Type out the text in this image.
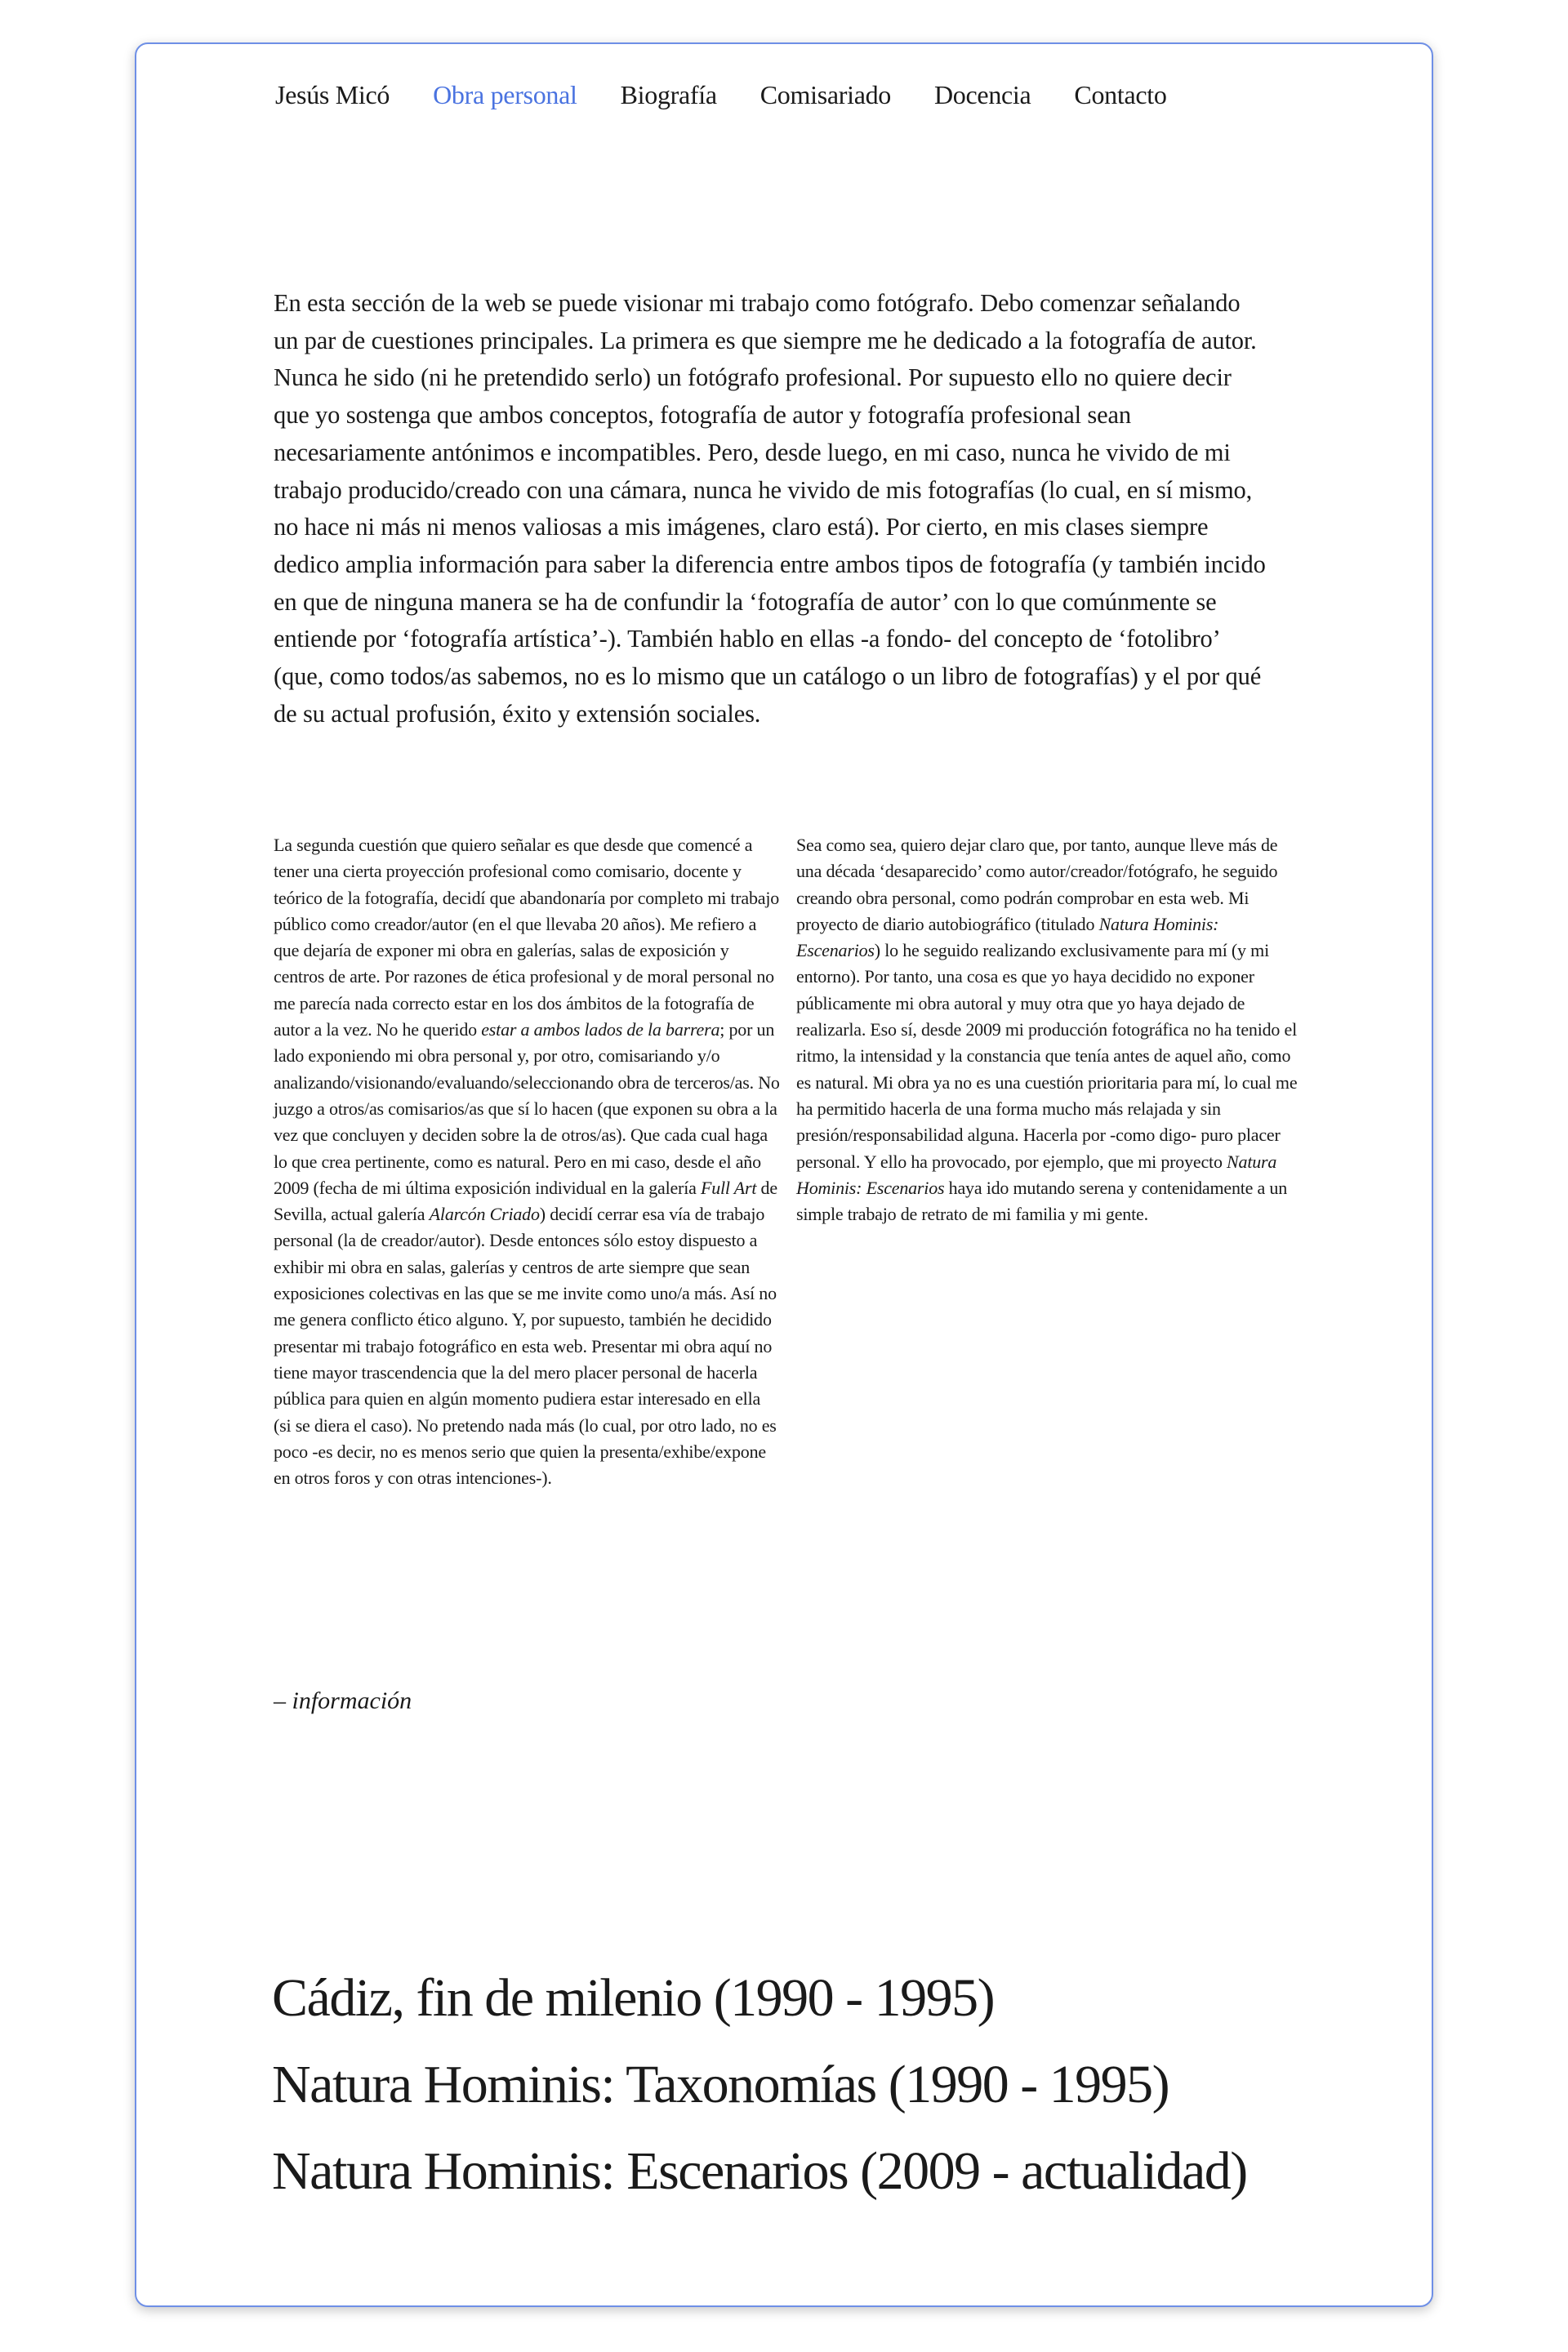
Jesús Micó Obra personal Biografía Comisariado Docencia Contacto

En esta sección de la web se puede visionar mi trabajo como fotógrafo. Debo comenzar señalando un par de cuestiones principales. La primera es que siempre me he dedicado a la fotografía de autor. Nunca he sido (ni he pretendido serlo) un fotógrafo profesional. Por supuesto ello no quiere decir que yo sostenga que ambos conceptos, fotografía de autor y fotografía profesional sean necesariamente antónimos e incompatibles. Pero, desde luego, en mi caso, nunca he vivido de mi trabajo producido/creado con una cámara, nunca he vivido de mis fotografías (lo cual, en sí mismo, no hace ni más ni menos valiosas a mis imágenes, claro está). Por cierto, en mis clases siempre dedico amplia información para saber la diferencia entre ambos tipos de fotografía (y también incido en que de ninguna manera se ha de confundir la ‘fotografía de autor’ con lo que comúnmente se entiende por ‘fotografía artística’-). También hablo en ellas -a fondo- del concepto de ‘fotolibro’ (que, como todos/as sabemos, no es lo mismo que un catálogo o un libro de fotografías) y el por qué de su actual profusión, éxito y extensión sociales.

La segunda cuestión que quiero señalar es que desde que comencé a tener una cierta proyección profesional como comisario, docente y teórico de la fotografía, decidí que abandonaría por completo mi trabajo público como creador/autor (en el que llevaba 20 años). Me refiero a que dejaría de exponer mi obra en galerías, salas de exposición y centros de arte. Por razones de ética profesional y de moral personal no me parecía nada correcto estar en los dos ámbitos de la fotografía de autor a la vez. No he querido estar a ambos lados de la barrera; por un lado exponiendo mi obra personal y, por otro, comisariando y/o analizando/visionando/evaluando/seleccionando obra de terceros/as. No juzgo a otros/as comisarios/as que sí lo hacen (que exponen su obra a la vez que concluyen y deciden sobre la de otros/as). Que cada cual haga lo que crea pertinente, como es natural. Pero en mi caso, desde el año 2009 (fecha de mi última exposición individual en la galería Full Art de Sevilla, actual galería Alarcón Criado) decidí cerrar esa vía de trabajo personal (la de creador/autor). Desde entonces sólo estoy dispuesto a exhibir mi obra en salas, galerías y centros de arte siempre que sean exposiciones colectivas en las que se me invite como uno/a más. Así no me genera conflicto ético alguno. Y, por supuesto, también he decidido presentar mi trabajo fotográfico en esta web. Presentar mi obra aquí no tiene mayor trascendencia que la del mero placer personal de hacerla pública para quien en algún momento pudiera estar interesado en ella (si se diera el caso). No pretendo nada más (lo cual, por otro lado, no es poco -es decir, no es menos serio que quien la presenta/exhibe/expone en otros foros y con otras intenciones-).

Sea como sea, quiero dejar claro que, por tanto, aunque lleve más de una década ‘desaparecido’ como autor/creador/fotógrafo, he seguido creando obra personal, como podrán comprobar en esta web. Mi proyecto de diario autobiográfico (titulado Natura Hominis: Escenarios) lo he seguido realizando exclusivamente para mí (y mi entorno). Por tanto, una cosa es que yo haya decidido no exponer públicamente mi obra autoral y muy otra que yo haya dejado de realizarla. Eso sí, desde 2009 mi producción fotográfica no ha tenido el ritmo, la intensidad y la constancia que tenía antes de aquel año, como es natural. Mi obra ya no es una cuestión prioritaria para mí, lo cual me ha permitido hacerla de una forma mucho más relajada y sin presión/responsabilidad alguna. Hacerla por -como digo- puro placer personal. Y ello ha provocado, por ejemplo, que mi proyecto Natura Hominis: Escenarios haya ido mutando serena y contenidamente a un simple trabajo de retrato de mi familia y mi gente.

– información
Cádiz, fin de milenio (1990 - 1995)
Natura Hominis: Taxonomías (1990 - 1995)
Natura Hominis: Escenarios (2009 - actualidad)
